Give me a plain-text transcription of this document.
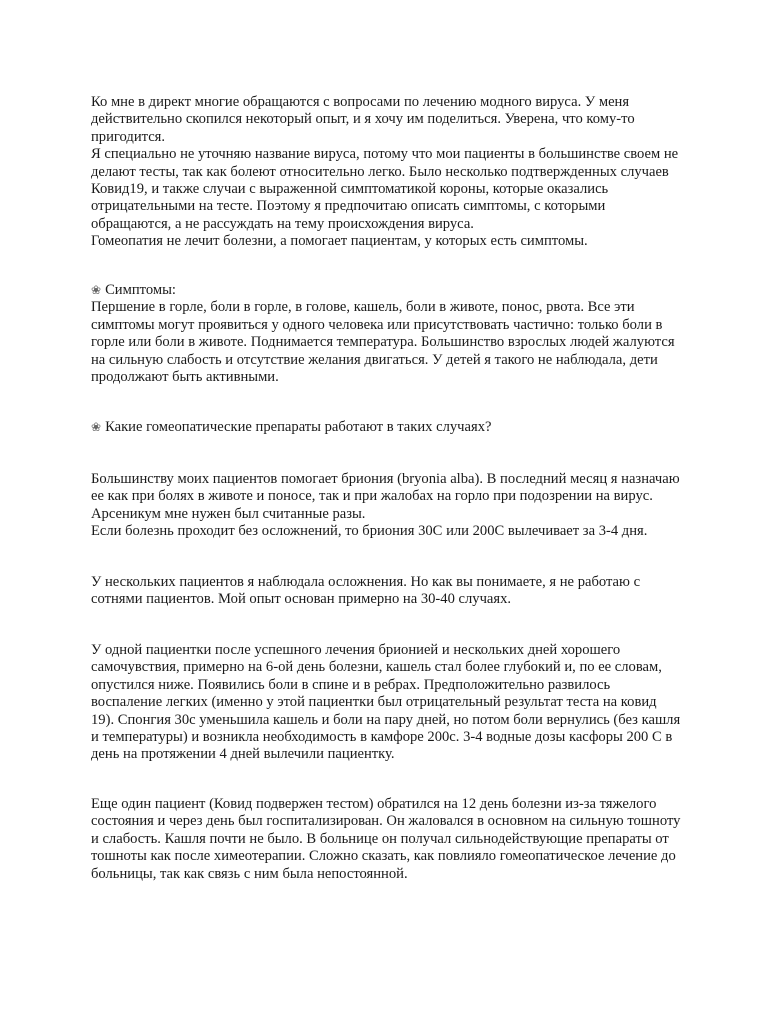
Ко мне в директ многие обращаются с вопросами по лечению модного вируса. У меня
действительно скопился некоторый опыт, и я хочу им поделиться. Уверена, что кому-то
пригодится.
Я специально не уточняю название вируса, потому что мои пациенты в большинстве своем не
делают тесты, так как болеют относительно легко. Было несколько подтвержденных случаев
Ковид19, и также случаи с выраженной симптоматикой короны, которые оказались
отрицательными на тесте. Поэтому я предпочитаю описать симптомы, с которыми
обращаются, а не рассуждать на тему происхождения вируса.
Гомеопатия не лечит болезни, а помогает пациентам, у которых есть симптомы.
❀ Симптомы:
Першение в горле, боли в горле, в голове, кашель, боли в животе, понос, рвота. Все эти
симптомы могут проявиться у одного человека или присутствовать частично: только боли в
горле или боли в животе. Поднимается температура. Большинство взрослых людей жалуются
на сильную слабость и отсутствие желания двигаться. У детей я такого не наблюдала, дети
продолжают быть активными.
❀ Какие гомеопатические препараты работают в таких случаях?
Большинству моих пациентов помогает бриония (bryonia alba). В последний месяц я назначаю
ее как при болях в животе и поносе, так и при жалобах на горло при подозрении на вирус.
Арсеникум мне нужен был считанные разы.
Если болезнь проходит без осложнений, то бриония 30С или 200С вылечивает за 3-4 дня.
У нескольких пациентов я наблюдала осложнения. Но как вы понимаете, я не работаю с
сотнями пациентов. Мой опыт основан примерно на 30-40 случаях.
У одной пациентки после успешного лечения брионией и нескольких дней хорошего
самочувствия, примерно на 6-ой день болезни, кашель стал более глубокий и, по ее словам,
опустился ниже. Появились боли в спине и в ребрах. Предположительно развилось
воспаление легких (именно у этой пациентки был отрицательный результат теста на ковид
19). Спонгия 30с уменьшила кашель и боли на пару дней, но потом боли вернулись (без кашля
и температуры) и возникла необходимость в камфоре 200с. 3-4 водные дозы касфоры 200 С в
день на протяжении 4 дней вылечили пациентку.
Еще один пациент (Ковид подвержен тестом) обратился на 12 день болезни из-за тяжелого
состояния и через день был госпитализирован. Он жаловался в основном на сильную тошноту
и слабость. Кашля почти не было. В больнице он получал сильнодействующие препараты от
тошноты как после химеотерапии. Сложно сказать, как повлияло гомеопатическое лечение до
больницы, так как связь с ним была непостоянной.
